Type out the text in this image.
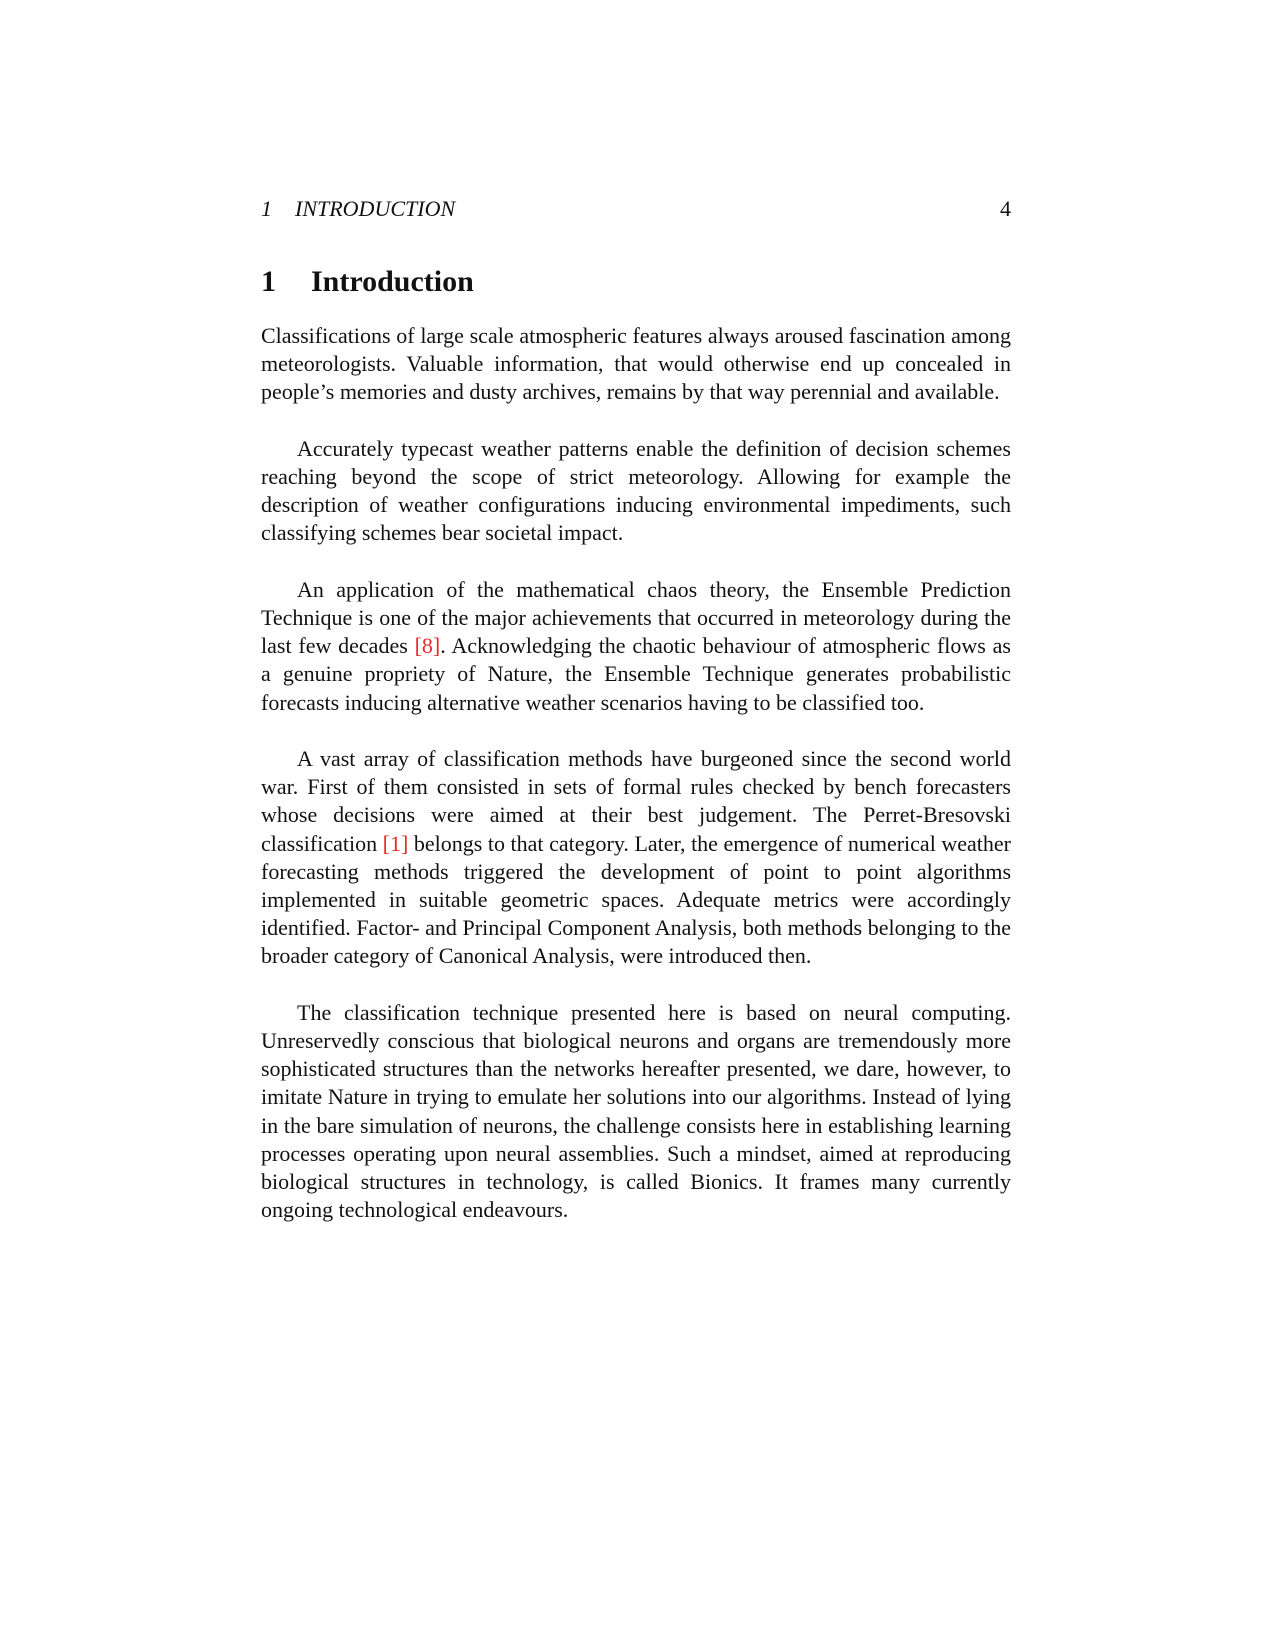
1 INTRODUCTION	4
1 Introduction

Classifications of large scale atmospheric features always aroused fascination among meteorologists. Valuable information, that would otherwise end up concealed in people’s memories and dusty archives, remains by that way perennial and available.

Accurately typecast weather patterns enable the definition of decision schemes reaching beyond the scope of strict meteorology. Allowing for example the description of weather configurations inducing environmental impediments, such classifying schemes bear societal impact.

An application of the mathematical chaos theory, the Ensemble Prediction Technique is one of the major achievements that occurred in meteorology during the last few decades [8]. Acknowledging the chaotic behaviour of atmospheric flows as a genuine propriety of Nature, the Ensemble Technique generates probabilistic forecasts inducing alternative weather scenarios having to be classified too.

A vast array of classification methods have burgeoned since the second world war. First of them consisted in sets of formal rules checked by bench forecasters whose decisions were aimed at their best judgement. The Perret-Bresovski classification [1] belongs to that category. Later, the emergence of numerical weather forecasting methods triggered the development of point to point algorithms implemented in suitable geometric spaces. Adequate metrics were accordingly identified. Factor- and Principal Component Analysis, both methods belonging to the broader category of Canonical Analysis, were introduced then.

The classification technique presented here is based on neural computing. Unreservedly conscious that biological neurons and organs are tremendously more sophisticated structures than the networks hereafter presented, we dare, however, to imitate Nature in trying to emulate her solutions into our algorithms. Instead of lying in the bare simulation of neurons, the challenge consists here in establishing learning processes operating upon neural assemblies. Such a mindset, aimed at reproducing biological structures in technology, is called Bionics. It frames many currently ongoing technological endeavours.
